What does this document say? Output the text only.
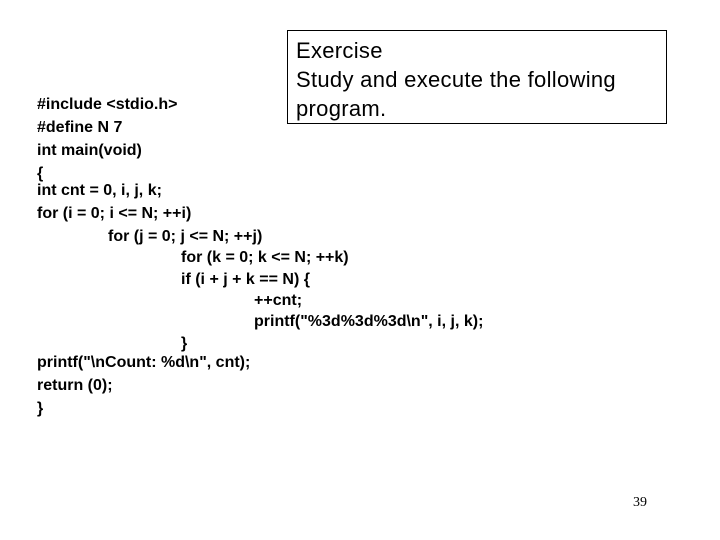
Exercise
Study and execute the following
program.
#include <stdio.h>
#define N 7
int main(void)
{
int cnt = 0, i, j, k;
for (i = 0; i <= N; ++i)
for (j = 0; j <= N; ++j)
for (k = 0; k <= N; ++k)
if (i + j + k == N) {
++cnt;
printf("%3d%3d%3d\n", i, j, k);
}
printf("\nCount: %d\n", cnt);
return (0);
}
39
